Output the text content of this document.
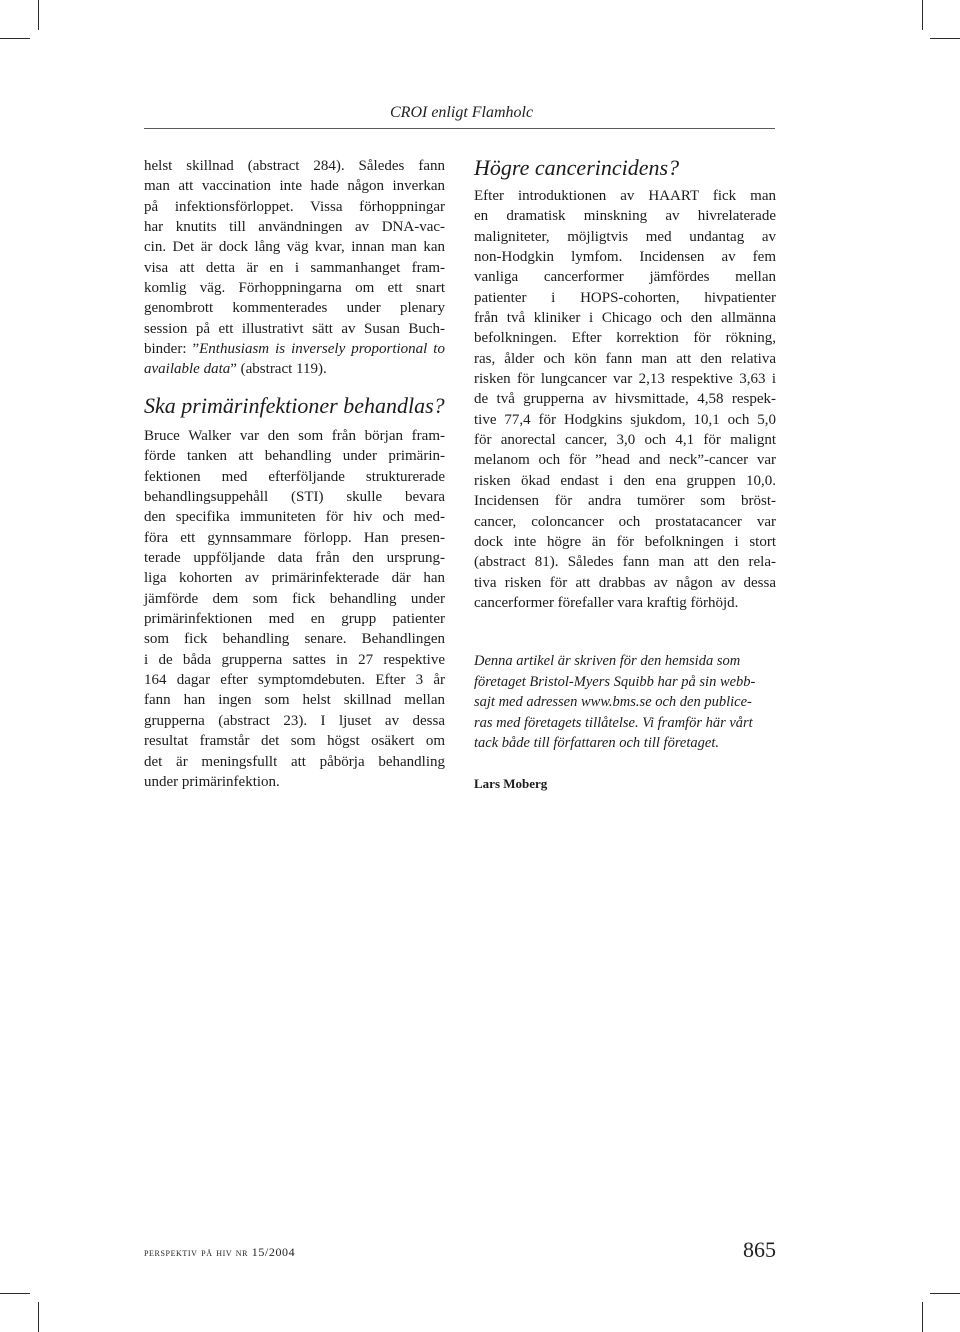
CROI enligt Flamholc
helst skillnad (abstract 284). Således fann
man att vaccination inte hade någon inverkan
på infektionsförloppet. Vissa förhoppningar
har knutits till användningen av DNA-vac-
cin. Det är dock lång väg kvar, innan man kan
visa att detta är en i sammanhanget fram-
komlig väg. Förhoppningarna om ett snart
genombrott kommenterades under plenary
session på ett illustrativt sätt av Susan Buch-
binder: ”Enthusiasm is inversely proportional to
available data” (abstract 119).
Ska primärinfektioner behandlas?
Bruce Walker var den som från början fram-
förde tanken att behandling under primärin-
fektionen med efterföljande strukturerade
behandlingsuppehåll (STI) skulle bevara
den specifika immuniteten för hiv och med-
föra ett gynnsammare förlopp. Han presen-
terade uppföljande data från den ursprung-
liga kohorten av primärinfekterade där han
jämförde dem som fick behandling under
primärinfektionen med en grupp patienter
som fick behandling senare. Behandlingen
i de båda grupperna sattes in 27 respektive
164 dagar efter symptomdebuten. Efter 3 år
fann han ingen som helst skillnad mellan
grupperna (abstract 23). I ljuset av dessa
resultat framstår det som högst osäkert om
det är meningsfullt att påbörja behandling
under primärinfektion.
Högre cancerincidens?
Efter introduktionen av HAART fick man
en dramatisk minskning av hivrelaterade
maligniteter, möjligtvis med undantag av
non-Hodgkin lymfom. Incidensen av fem
vanliga cancerformer jämfördes mellan
patienter i HOPS-cohorten, hivpatienter
från två kliniker i Chicago och den allmänna
befolkningen. Efter korrektion för rökning,
ras, ålder och kön fann man att den relativa
risken för lungcancer var 2,13 respektive 3,63 i
de två grupperna av hivsmittade, 4,58 respek-
tive 77,4 för Hodgkins sjukdom, 10,1 och 5,0
för anorectal cancer, 3,0 och 4,1 för malignt
melanom och för ”head and neck”-cancer var
risken ökad endast i den ena gruppen 10,0.
Incidensen för andra tumörer som bröst-
cancer, coloncancer och prostatacancer var
dock inte högre än för befolkningen i stort
(abstract 81). Således fann man att den rela-
tiva risken för att drabbas av någon av dessa
cancerformer förefaller vara kraftig förhöjd.
Denna artikel är skriven för den hemsida som
företaget Bristol-Myers Squibb har på sin webb-
sajt med adressen www.bms.se och den publice-
ras med företagets tillåtelse. Vi framför här vårt
tack både till författaren och till företaget.
Lars Moberg
perspektiv på hiv nr 15/2004	865
